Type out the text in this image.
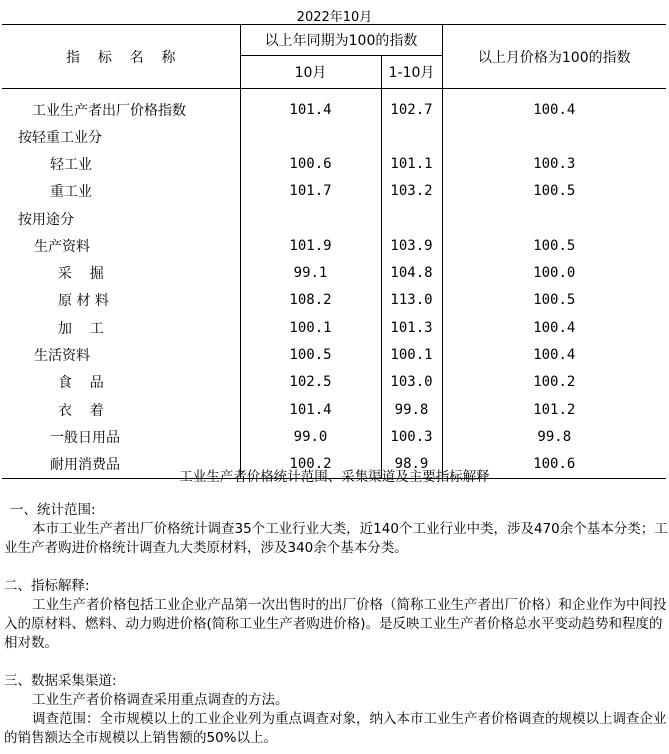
2022年10月
指    标    名    称	以上年同期为100的指数		以上月价格为100的指数
	10月	1-10月	
工业生产者出厂价格指数	101.4	102.7	100.4
按轻重工业分			
轻工业	100.6	101.1	100.3
重工业	101.7	103.2	100.5
按用途分			
生产资料	101.9	103.9	100.5
采    掘	99.1	104.8	100.0
原 材 料	108.2	113.0	100.5
加    工	100.1	101.3	100.4
生活资料	100.5	100.1	100.4
食    品	102.5	103.0	100.2
衣    着	101.4	99.8	101.2
一般日用品	99.0	100.3	99.8
耐用消费品	100.2	98.9	100.6
工业生产者价格统计范围、采集渠道及主要指标解释
一、统计范围:
本市工业生产者出厂价格统计调查35个工业行业大类，近140个工业行业中类，涉及470余个基本分类；工业生产者购进价格统计调查九大类原材料，涉及340余个基本分类。
二、指标解释:
工业生产者价格包括工业企业产品第一次出售时的出厂价格（简称工业生产者出厂价格）和企业作为中间投入的原材料、燃料、动力购进价格(简称工业生产者购进价格)。是反映工业生产者价格总水平变动趋势和程度的相对数。
三、数据采集渠道:
工业生产者价格调查采用重点调查的方法。
调查范围：全市规模以上的工业企业列为重点调查对象，纳入本市工业生产者价格调查的规模以上调查企业的销售额达全市规模以上销售额的50%以上。
